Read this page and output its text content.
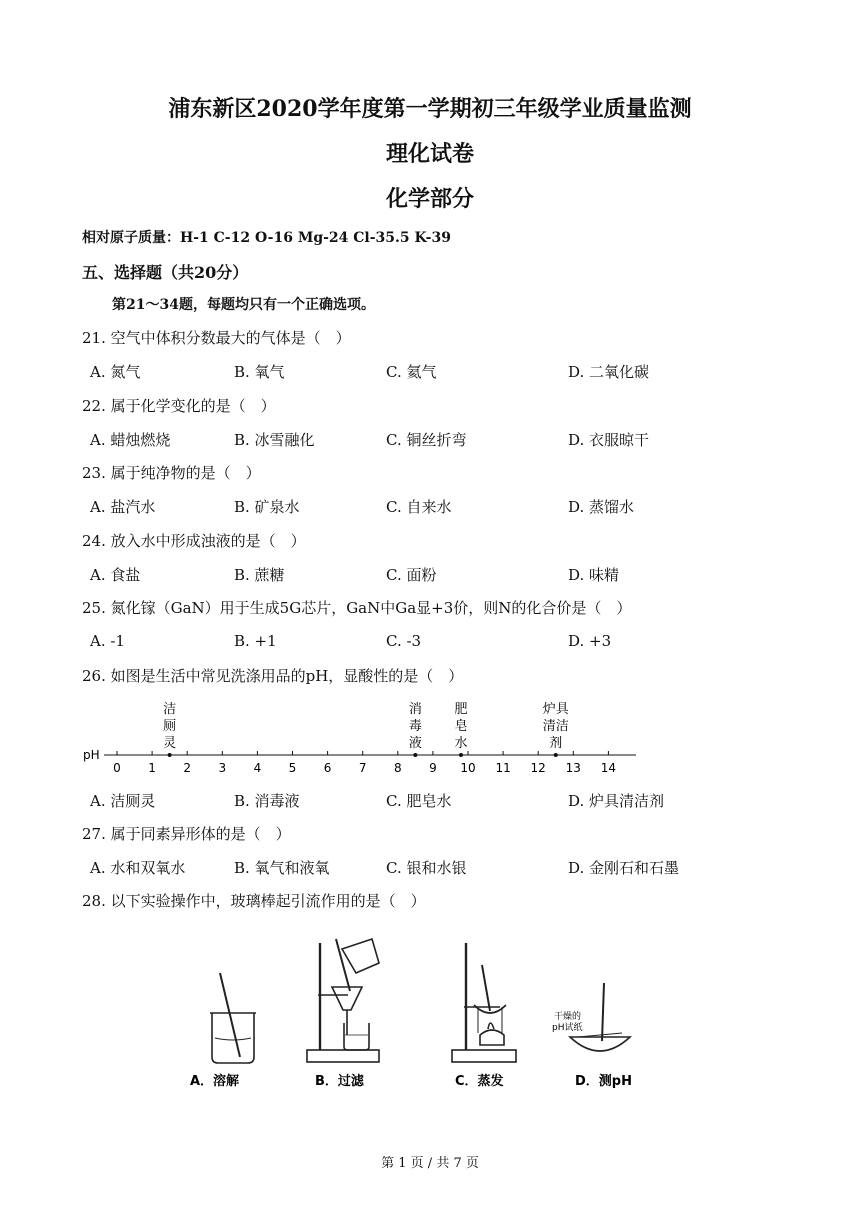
浦东新区2020学年度第一学期初三年级学业质量监测
理化试卷
化学部分
相对原子质量：H-1 C-12 O-16 Mg-24 Cl-35.5 K-39
五、选择题（共20分）
第21～34题，每题均只有一个正确选项。
21. 空气中体积分数最大的气体是（　）
A. 氮气	B. 氧气	C. 氦气	D. 二氧化碳
22. 属于化学变化的是（　）
A. 蜡烛燃烧	B. 冰雪融化	C. 铜丝折弯	D. 衣服晾干
23. 属于纯净物的是（　）
A. 盐汽水	B. 矿泉水	C. 自来水	D. 蒸馏水
24. 放入水中形成浊液的是（　）
A. 食盐	B. 蔗糖	C. 面粉	D. 味精
25. 氮化镓（GaN）用于生成5G芯片，GaN中Ga显+3价，则N的化合价是（　）
A. -1	B. +1	C. -3	D. +3
26. 如图是生活中常见洗涤用品的pH，显酸性的是（　）
pH
0 1 2 3 4 5 6 7 8 9 10 11 12 13 14
洁
厕
灵
消
毒
液
肥
皂
水
炉具
清洁
剂
A. 洁厕灵	B. 消毒液	C. 肥皂水	D. 炉具清洁剂
27. 属于同素异形体的是（　）
A. 水和双氧水	B. 氧气和液氧	C. 银和水银	D. 金刚石和石墨
28. 以下实验操作中，玻璃棒起引流作用的是（　）
干燥的
pH试纸
A．溶解	B．过滤	C．蒸发	D．测pH
第 1 页 / 共 7 页
